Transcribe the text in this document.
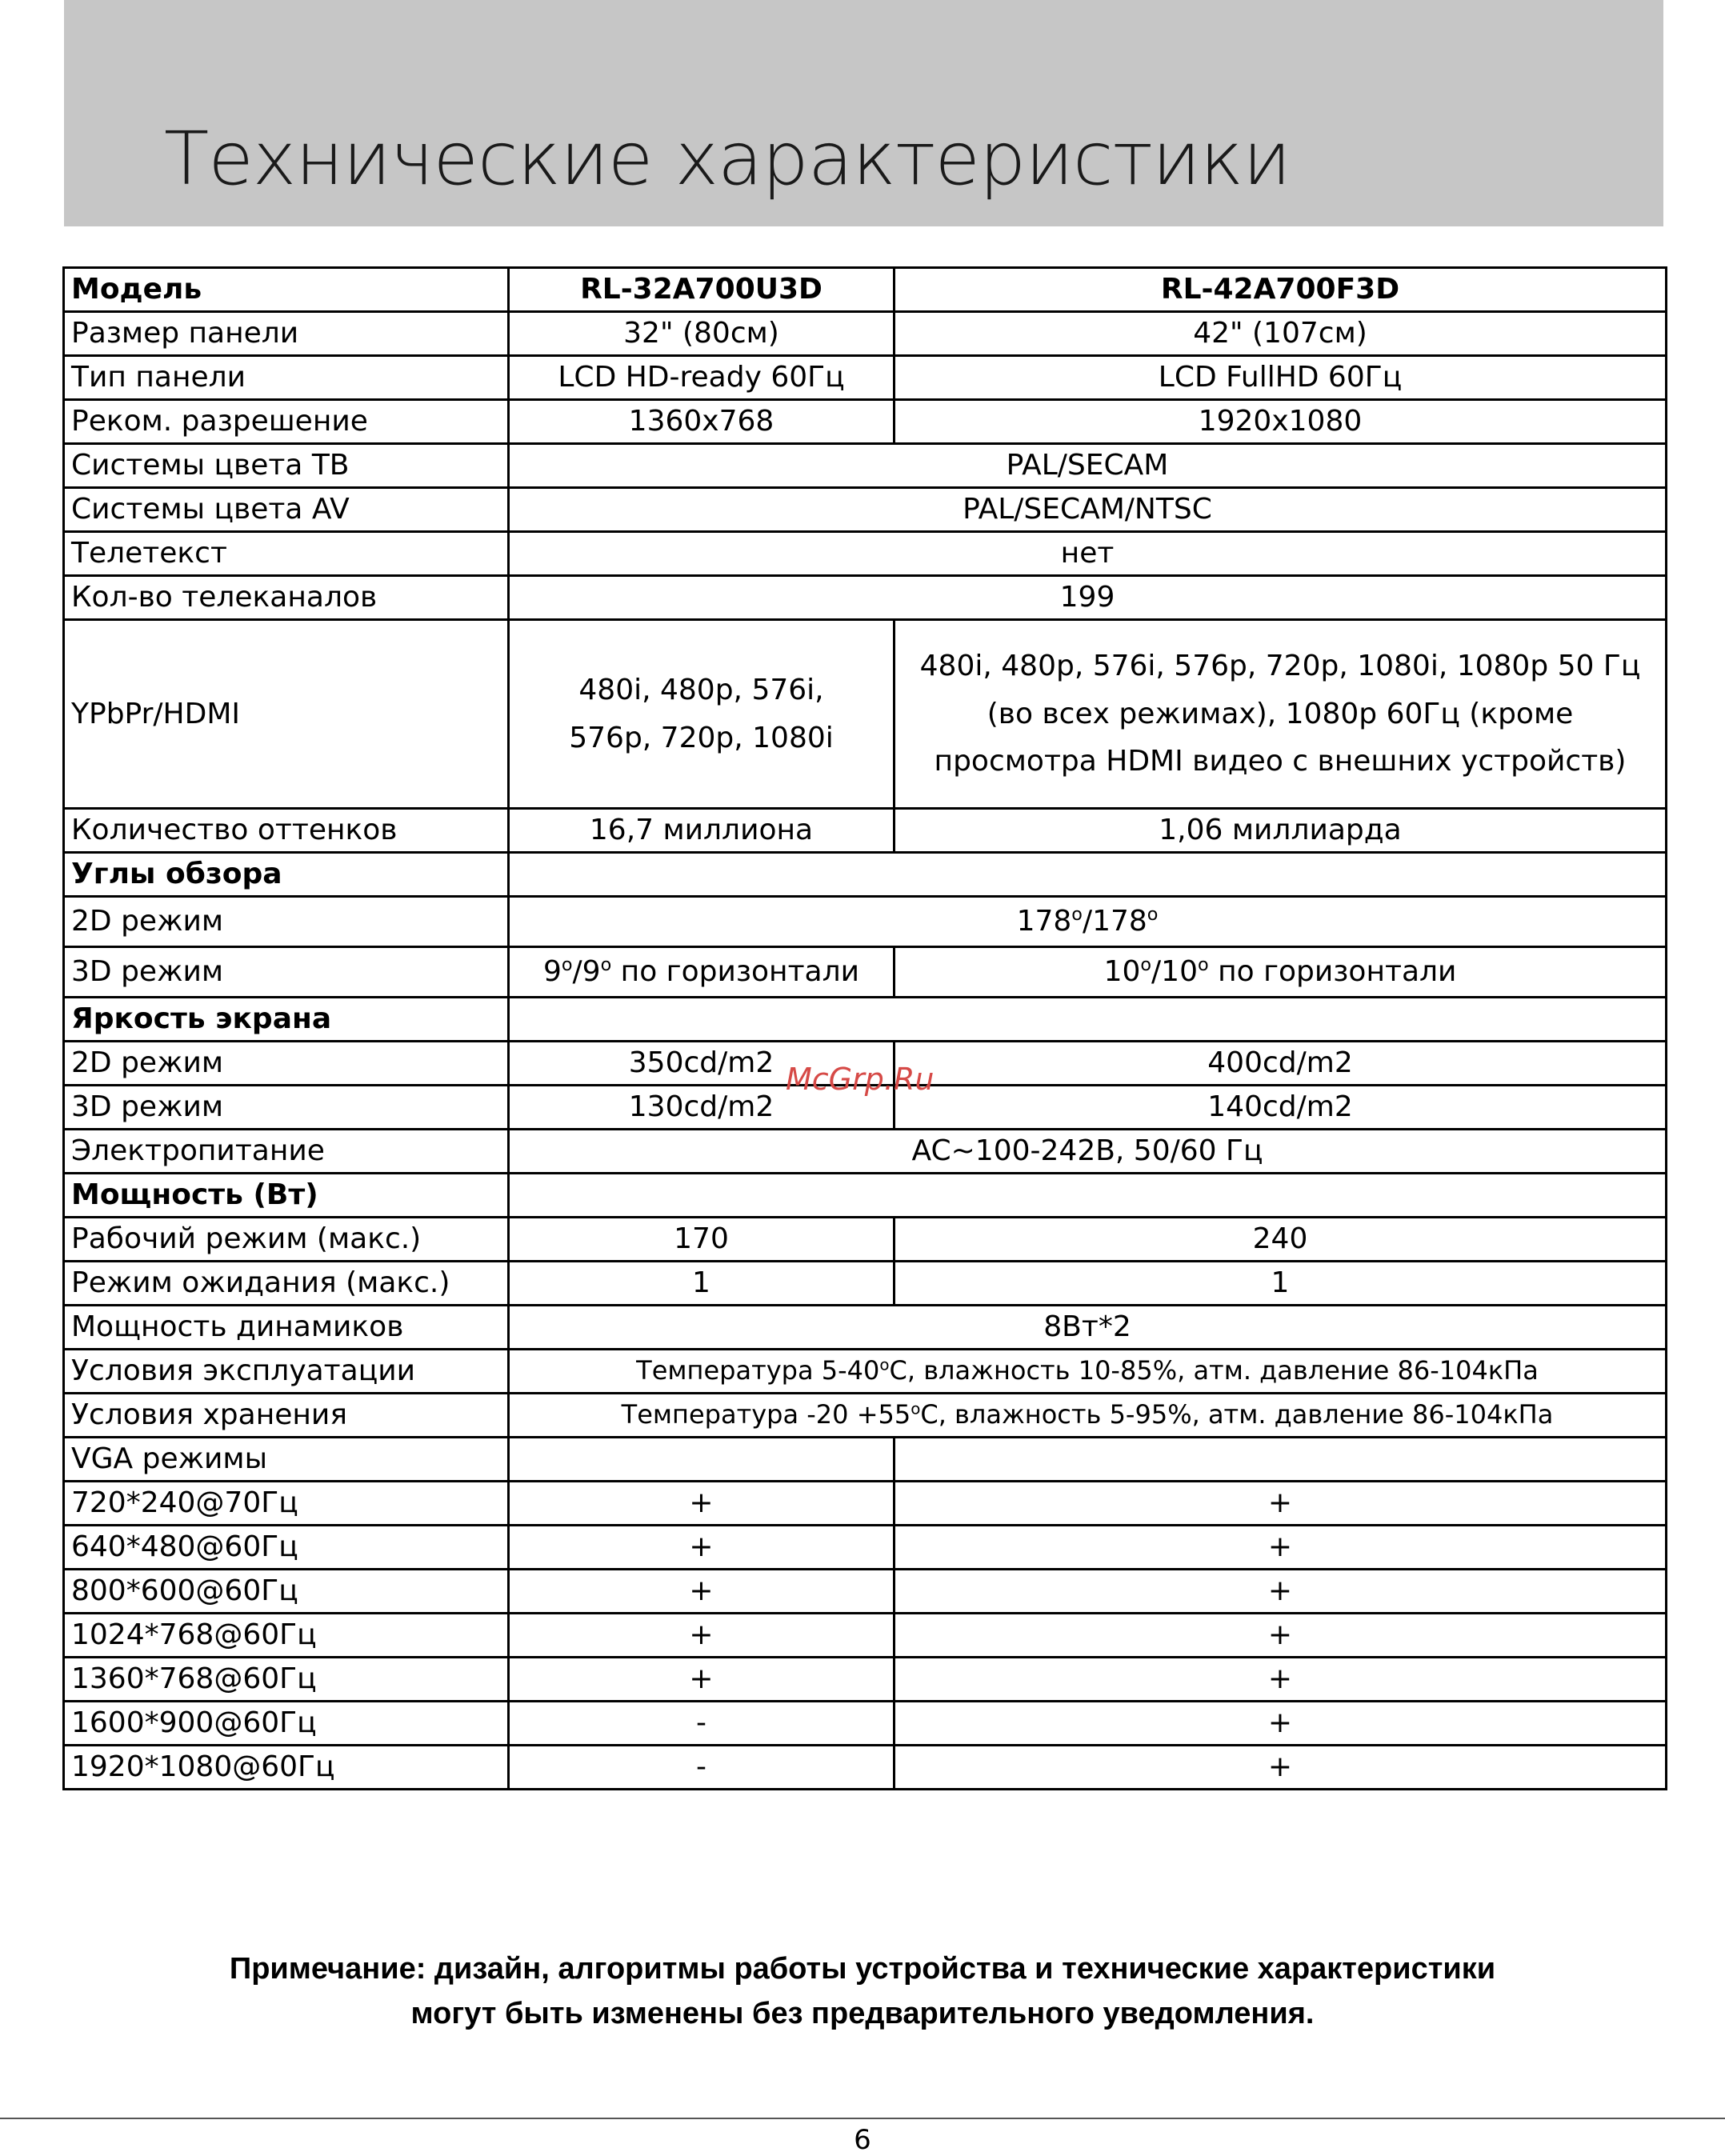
Технические характеристики
Модель	RL-32A700U3D	RL-42A700F3D
Размер панели	32" (80см)	42" (107см)
Тип панели	LCD HD-ready 60Гц	LCD FullHD 60Гц
Реком. разрешение	1360x768	1920x1080
Системы цвета ТВ	PAL/SECAM	
Системы цвета AV	PAL/SECAM/NTSC	
Телетекст	нет	
Кол-во телеканалов	199	
YPbPr/HDMI	480i, 480p, 576i, 576p, 720p, 1080i	480i, 480p, 576i, 576p, 720p, 1080i, 1080p 50 Гц (во всех режимах), 1080p 60Гц (кроме просмотра HDMI видео с внешних устройств)
Количество оттенков	16,7 миллиона	1,06 миллиарда
Углы обзора		
2D режим	178$^o$/178$^o$
3D режим	9$^o$/9$^o$ по горизонтали	10$^o$/10$^o$ по горизонтали
Яркость экрана		
2D режим	350cd/m2	400cd/m2
3D режим	130cd/m2	140cd/m2
Электропитание	AC~100-242В, 50/60 Гц	
Мощность (Вт)		
Рабочий режим (макс.)	170	240
Режим ожидания (макс.)	1	1
Мощность динамиков	8Вт*2	
Условия эксплуатации	Температура 5-40$^o$C, влажность 10-85%, атм. давление 86-104кПа	
Условия хранения	Температура $-20 +55^oC$, влажность 5-95%, атм. давление 86-104кПа	
VGA режимы		
720*240@70Гц	+	+
640*480@60Гц	+	+
800*600@60Гц	+	+
1024*768@60Гц	+	+
1360*768@60Гц	+	+
1600*900@60Гц	-	+
1920*1080@60Гц	-	+
McGrp.Ru
Примечание: дизайн, алгоритмы работы устройства и технические характеристики
могут быть изменены без предварительного уведомления.
6
